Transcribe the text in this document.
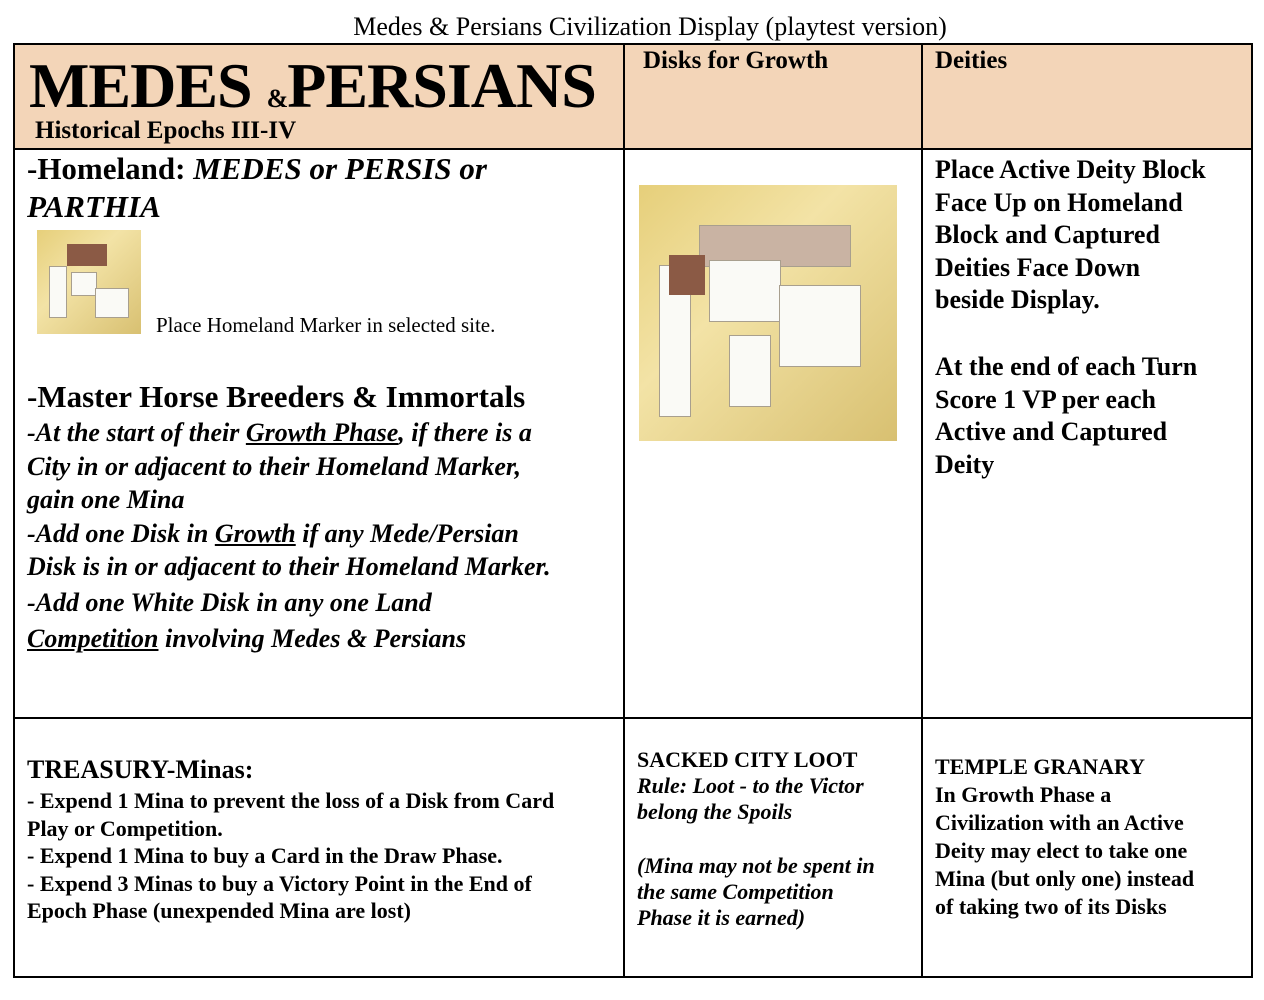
Medes & Persians Civilization Display (playtest version)
MEDES &PERSIANS
Historical Epochs III-IV
Disks for Growth	Deities
-Homeland: MEDES or PERSIS or
PARTHIA
Place Homeland Marker in selected site.
-Master Horse Breeders & Immortals
-At the start of their Growth Phase, if there is a
City in or adjacent to their Homeland Marker,
gain one Mina
-Add one Disk in Growth if any Mede/Persian
Disk is in or adjacent to their Homeland Marker.
-Add one White Disk in any one Land
Competition involving Medes & Persians
Place Active Deity Block
Face Up on Homeland
Block and Captured
Deities Face Down
beside Display.
At the end of each Turn
Score 1 VP per each
Active and Captured
Deity
TREASURY-Minas:
- Expend 1 Mina to prevent the loss of a Disk from Card
Play or Competition.
- Expend 1 Mina to buy a Card in the Draw Phase.
- Expend 3 Minas to buy a Victory Point in the End of
Epoch Phase (unexpended Mina are lost)
SACKED CITY LOOT
Rule: Loot - to the Victor
belong the Spoils
(Mina may not be spent in
the same Competition
Phase it is earned)
TEMPLE GRANARY
In Growth Phase a
Civilization with an Active
Deity may elect to take one
Mina (but only one) instead
of taking two of its Disks
